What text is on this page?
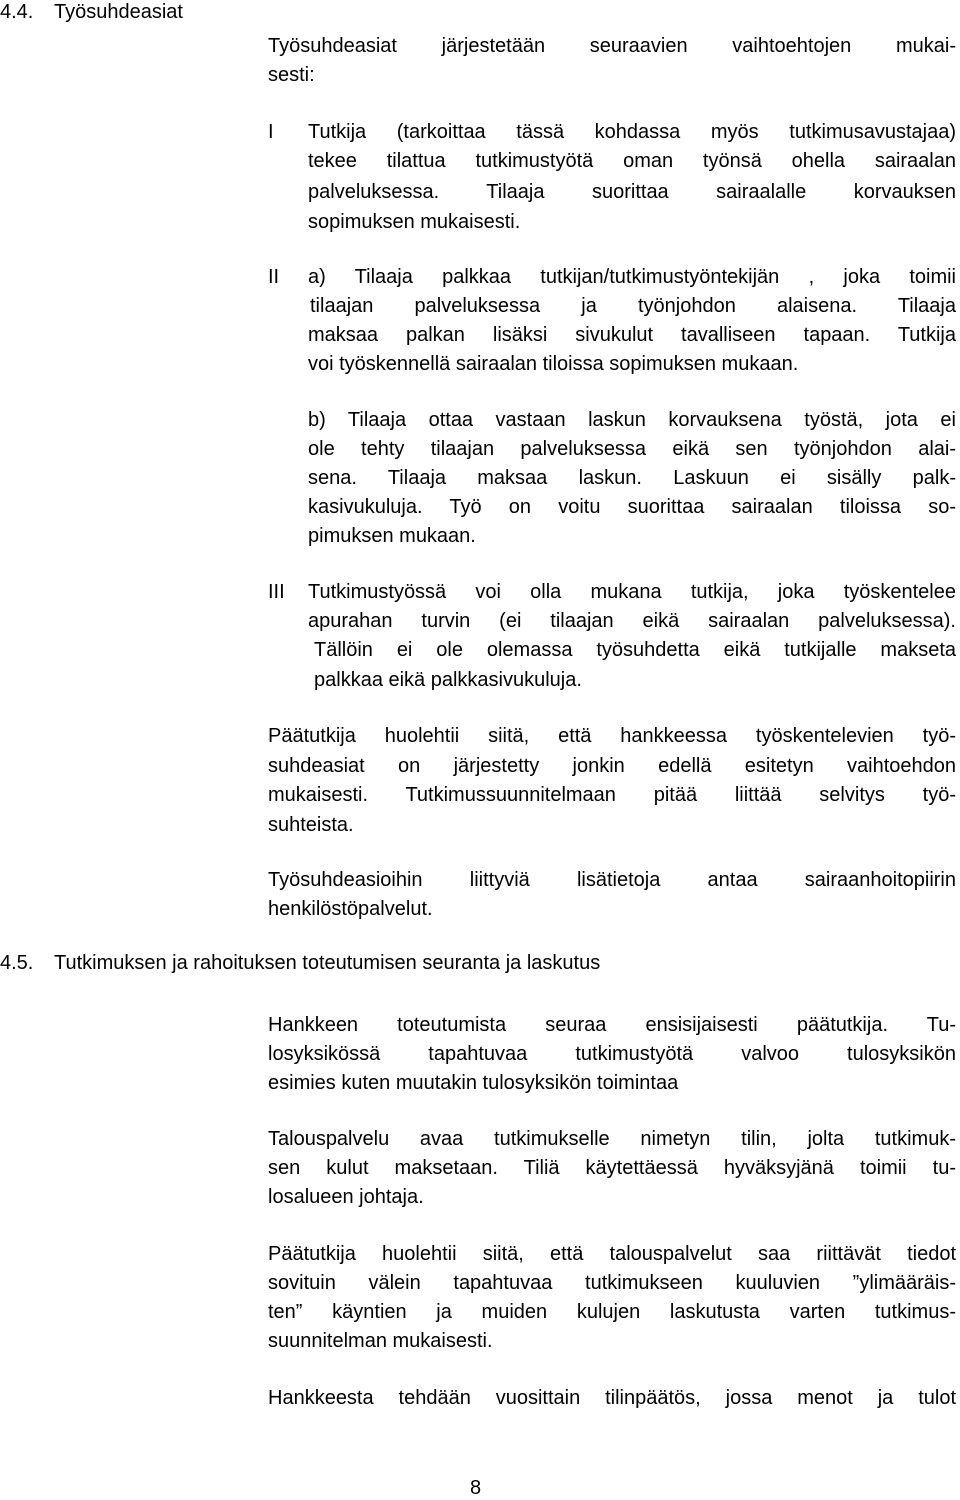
4.4. Työsuhdeasiat
Työsuhdeasiat järjestetään seuraavien vaihtoehtojen mukai-
sesti:
I Tutkija (tarkoittaa tässä kohdassa myös tutkimusavustajaa)
tekee tilattua tutkimustyötä oman työnsä ohella sairaalan
palveluksessa. Tilaaja suorittaa sairaalalle korvauksen
sopimuksen mukaisesti.
II a) Tilaaja palkkaa tutkijan/tutkimustyöntekijän , joka toimii
tilaajan palveluksessa ja työnjohdon alaisena. Tilaaja
maksaa palkan lisäksi sivukulut tavalliseen tapaan. Tutkija
voi työskennellä sairaalan tiloissa sopimuksen mukaan.
b) Tilaaja ottaa vastaan laskun korvauksena työstä, jota ei
ole tehty tilaajan palveluksessa eikä sen työnjohdon alai-
sena. Tilaaja maksaa laskun. Laskuun ei sisälly palk-
kasivukuluja. Työ on voitu suorittaa sairaalan tiloissa so-
pimuksen mukaan.
III Tutkimustyössä voi olla mukana tutkija, joka työskentelee
apurahan turvin (ei tilaajan eikä sairaalan palveluksessa).
Tällöin ei ole olemassa työsuhdetta eikä tutkijalle makseta
palkkaa eikä palkkasivukuluja.
Päätutkija huolehtii siitä, että hankkeessa työskentelevien työ-
suhdeasiat on järjestetty jonkin edellä esitetyn vaihtoehdon
mukaisesti. Tutkimussuunnitelmaan pitää liittää selvitys työ-
suhteista.
Työsuhdeasioihin liittyviä lisätietoja antaa sairaanhoitopiirin
henkilöstöpalvelut.
4.5. Tutkimuksen ja rahoituksen toteutumisen seuranta ja laskutus
Hankkeen toteutumista seuraa ensisijaisesti päätutkija. Tu-
losyksikössä tapahtuvaa tutkimustyötä valvoo tulosyksikön
esimies kuten muutakin tulosyksikön toimintaa
Talouspalvelu avaa tutkimukselle nimetyn tilin, jolta tutkimuk-
sen kulut maksetaan. Tiliä käytettäessä hyväksyjänä toimii tu-
losalueen johtaja.
Päätutkija huolehtii siitä, että talouspalvelut saa riittävät tiedot
sovituin välein tapahtuvaa tutkimukseen kuuluvien ”ylimääräis-
ten” käyntien ja muiden kulujen laskutusta varten tutkimus-
suunnitelman mukaisesti.
Hankkeesta tehdään vuosittain tilinpäätös, jossa menot ja tulot
8
